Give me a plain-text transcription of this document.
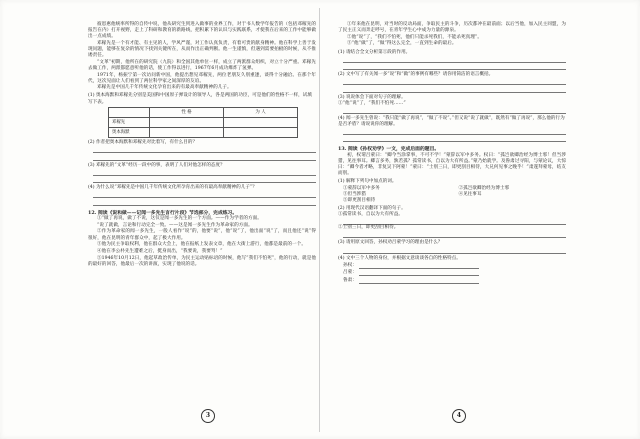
彼恩惠他统率所得的自传中说，他从研究生到进入做事的业界工作，对于书人数学年报告的（包括邓稼先的报告在内）打开视野，走上了科研和教育的新路线，把积累下的认识与实践联系，才使我在后来的工作中能够做出一点成绩。

邓稼先是一个有才能、有主见的人，学风严谨，对工作认真负责，有着可贵的献身精神。他在科学上善于发现问题，能够在复杂的情况下找到关键所在，从而作出正确判断。他一生谨慎，但遇到需要拍板的时候，从不推诿责任。

“文革”初期，他所在的研究院（九院）和全国其他单位一样，成立了两派群众组织，对立十分严重。邓稼先去做工作，两派都愿意听他的话，使工作得以进行，1967年6月成功爆炸了氢弹。

1971年，杨振宁第一次访问新中国，他提出想见邓稼先，两位老朋友久别重逢，谈得十分融洽。在那个年代，这次见面让人们看到了两位科学家之间深厚的友谊。

邓稼先是中国几千年传统文化孕育出来的有最高奉献精神的儿子。

(1) 奥本海默和邓稼先分别是美国和中国原子弹设计的领导人，各是两国的功臣，可是他们的性格不一样，试填写下表。

	性 格	为 人
邓稼先		
奥本海默		

(2) 作者把奥本海默和邓稼先对比着写，有什么目的？

(3) 邓稼先的“文革”经历一段中的事，表明了人们对他怎样的态度？

(4) 为什么说“邓稼先是中国几千年传统文化所孕育出来的有最高奉献精神的儿子”？

12. 阅读《说和做——记闻一多先生言行片段》节选部分，完成练习。

①“做了再说，做了不说，这仅是闻一多先生的一个方面。——作为学者的方面。

“说了就做，言论和行动完全一致。——这是闻一多先生作为革命家的方面。

②作为革命家的闻一多先生，一般人看作“说”的，他要“说”，他“说”了，他出面“说”了，而且他还“说”得很好，他在昆明的青年群众中，起了极大作用。

③他为民主争取权利，他在群众大会上，他在报纸上发表文章，他在大街上游行，他都是最前的一个。

④他在李公朴先生遭难之后，挺身而出，“我要说，我要骂！”

⑤1946年10月12日，他起草政治传单，为民主运动贴标语的时候，他写“我们不怕死”，他的行动，就是他的最好的回答，他最后一次的讲演，实现了他说的话。

3

①年来他在昆明，对当时的反动局面，争取民主的斗争，历次都冲在最前面；以后当他，加入民主同盟，为了民主正义而奔走呼号，在青年学生心中成为力量的源泉。

②他“说”了，“我们不怕死，他们只能杀死我们，不能杀死真理”。

③“他“做”了，“做”得这么完全，一直到生命的最后。

(1) 请结合全文分析第①段的作用。

(2) 文中写了有关闻一多“说”和“做”的事例有哪些？请你用简洁的语言概括。

(3) 说说体会下面对句子的理解。

①“他“说”了，“我们不怕死……”

(4) 闻一多先生曾说：“我只能“做了再说”，“做了不说”。”但又说“说了就做”，既然有“做了再说”，那么他的行为是否矛盾？请说说你的理解。

13. 阅读《孙权劝学》一文，完成后面的题目。

初，权谓吕蒙曰：“卿今当涂掌事，不可不学！”蒙辞以军中多务。权曰：“孤岂欲卿治经为博士邪！但当涉猎，见往事耳。卿言多务，孰若孤？孤常读书，自以为大有所益。”蒙乃始就学。及鲁肃过寻阳，与蒙论议，大惊曰：“卿今者才略，非复吴下阿蒙！”蒙曰：“士别三日，即更刮目相待，大兄何见事之晚乎！”肃遂拜蒙母，结友而别。

(1) 解释下列句中加点的词。

①蒙辞以军中多务	②孤岂欲卿治经为博士邪
③但当涉猎	④见往事耳
⑤即更刮目相待

(2) 用现代汉语翻译下面的句子。

①孤常读书，自以为大有所益。

②士别三日，即更刮目相待。

(3) 请用原文回答，孙权劝吕蒙学习的理由是什么？

(4) 文中三个人物的身份，并根据文意谈谈各自的性格特点。

孙权：
吕蒙：
鲁肃：
4
